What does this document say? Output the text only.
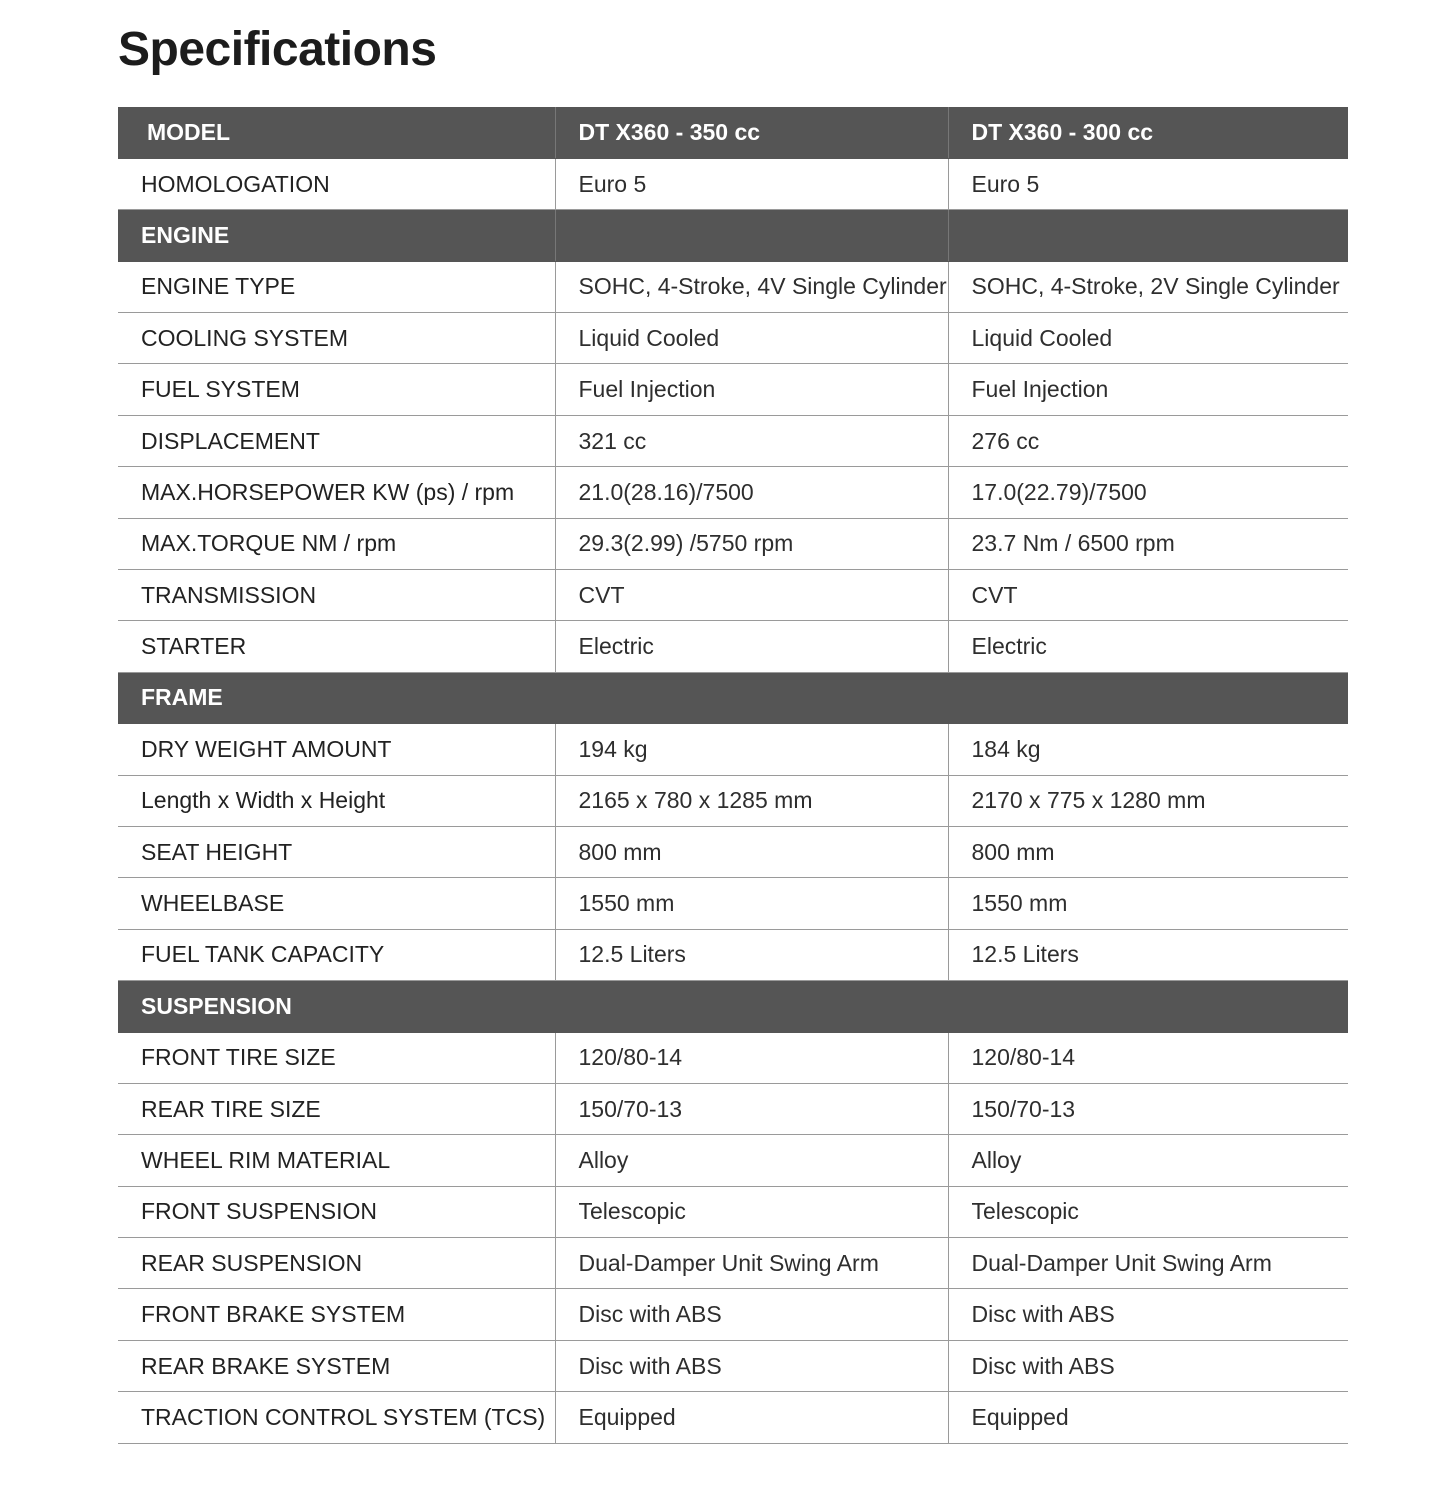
Specifications
MODEL	DT X360 - 350 cc	DT X360 - 300 cc
HOMOLOGATION	Euro 5	Euro 5
ENGINE		
ENGINE TYPE	SOHC, 4-Stroke, 4V Single Cylinder	SOHC, 4-Stroke, 2V Single Cylinder
COOLING SYSTEM	Liquid Cooled	Liquid Cooled
FUEL SYSTEM	Fuel Injection	Fuel Injection
DISPLACEMENT	321 cc	276 cc
MAX.HORSEPOWER KW (ps) / rpm	21.0(28.16)/7500	17.0(22.79)/7500
MAX.TORQUE NM / rpm	29.3(2.99) /5750 rpm	23.7 Nm / 6500 rpm
TRANSMISSION	CVT	CVT
STARTER	Electric	Electric
FRAME		
DRY WEIGHT AMOUNT	194 kg	184 kg
Length x Width x Height	2165 x 780 x 1285 mm	2170 x 775 x 1280 mm
SEAT HEIGHT	800 mm	800 mm
WHEELBASE	1550 mm	1550 mm
FUEL TANK CAPACITY	12.5 Liters	12.5 Liters
SUSPENSION		
FRONT TIRE SIZE	120/80-14	120/80-14
REAR TIRE SIZE	150/70-13	150/70-13
WHEEL RIM MATERIAL	Alloy	Alloy
FRONT SUSPENSION	Telescopic	Telescopic
REAR SUSPENSION	Dual-Damper Unit Swing Arm	Dual-Damper Unit Swing Arm
FRONT BRAKE SYSTEM	Disc with ABS	Disc with ABS
REAR BRAKE SYSTEM	Disc with ABS	Disc with ABS
TRACTION CONTROL SYSTEM (TCS)	Equipped	Equipped
